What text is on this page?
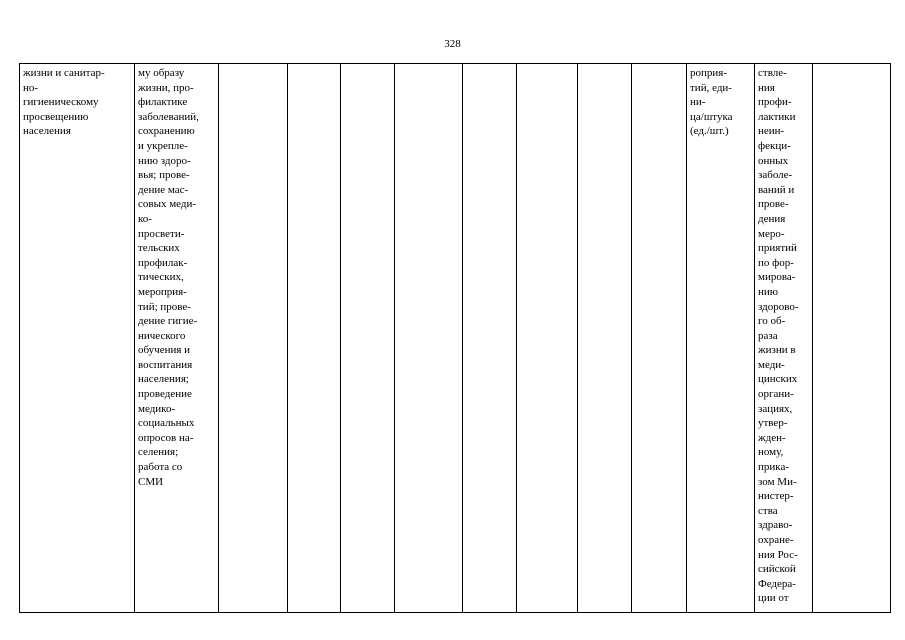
328
жизни и санитар-
но-
гигиеническому
просвещению
населения	му образу
жизни, про-
филактике
заболеваний,
сохранению
и укрепле-
нию здоро-
вья; прове-
дение мас-
совых меди-
ко-
просвети-
тельских
профилак-
тических,
мероприя-
тий; прове-
дение гигие-
нического
обучения и
воспитания
населения;
проведение
медико-
социальных
опросов на-
селения;
работа со
СМИ									роприя-
тий, еди-
ни-
ца/штука
(ед./шт.)	ствле-
ния
профи-
лактики
неин-
фекци-
онных
заболе-
ваний и
прове-
дения
меро-
приятий
по фор-
мирова-
нию
здорово-
го об-
раза
жизни в
меди-
цинских
органи-
зациях,
утвер-
жден-
ному,
прика-
зом Ми-
нистер-
ства
здраво-
охране-
ния Рос-
сийской
Федера-
ции от	
